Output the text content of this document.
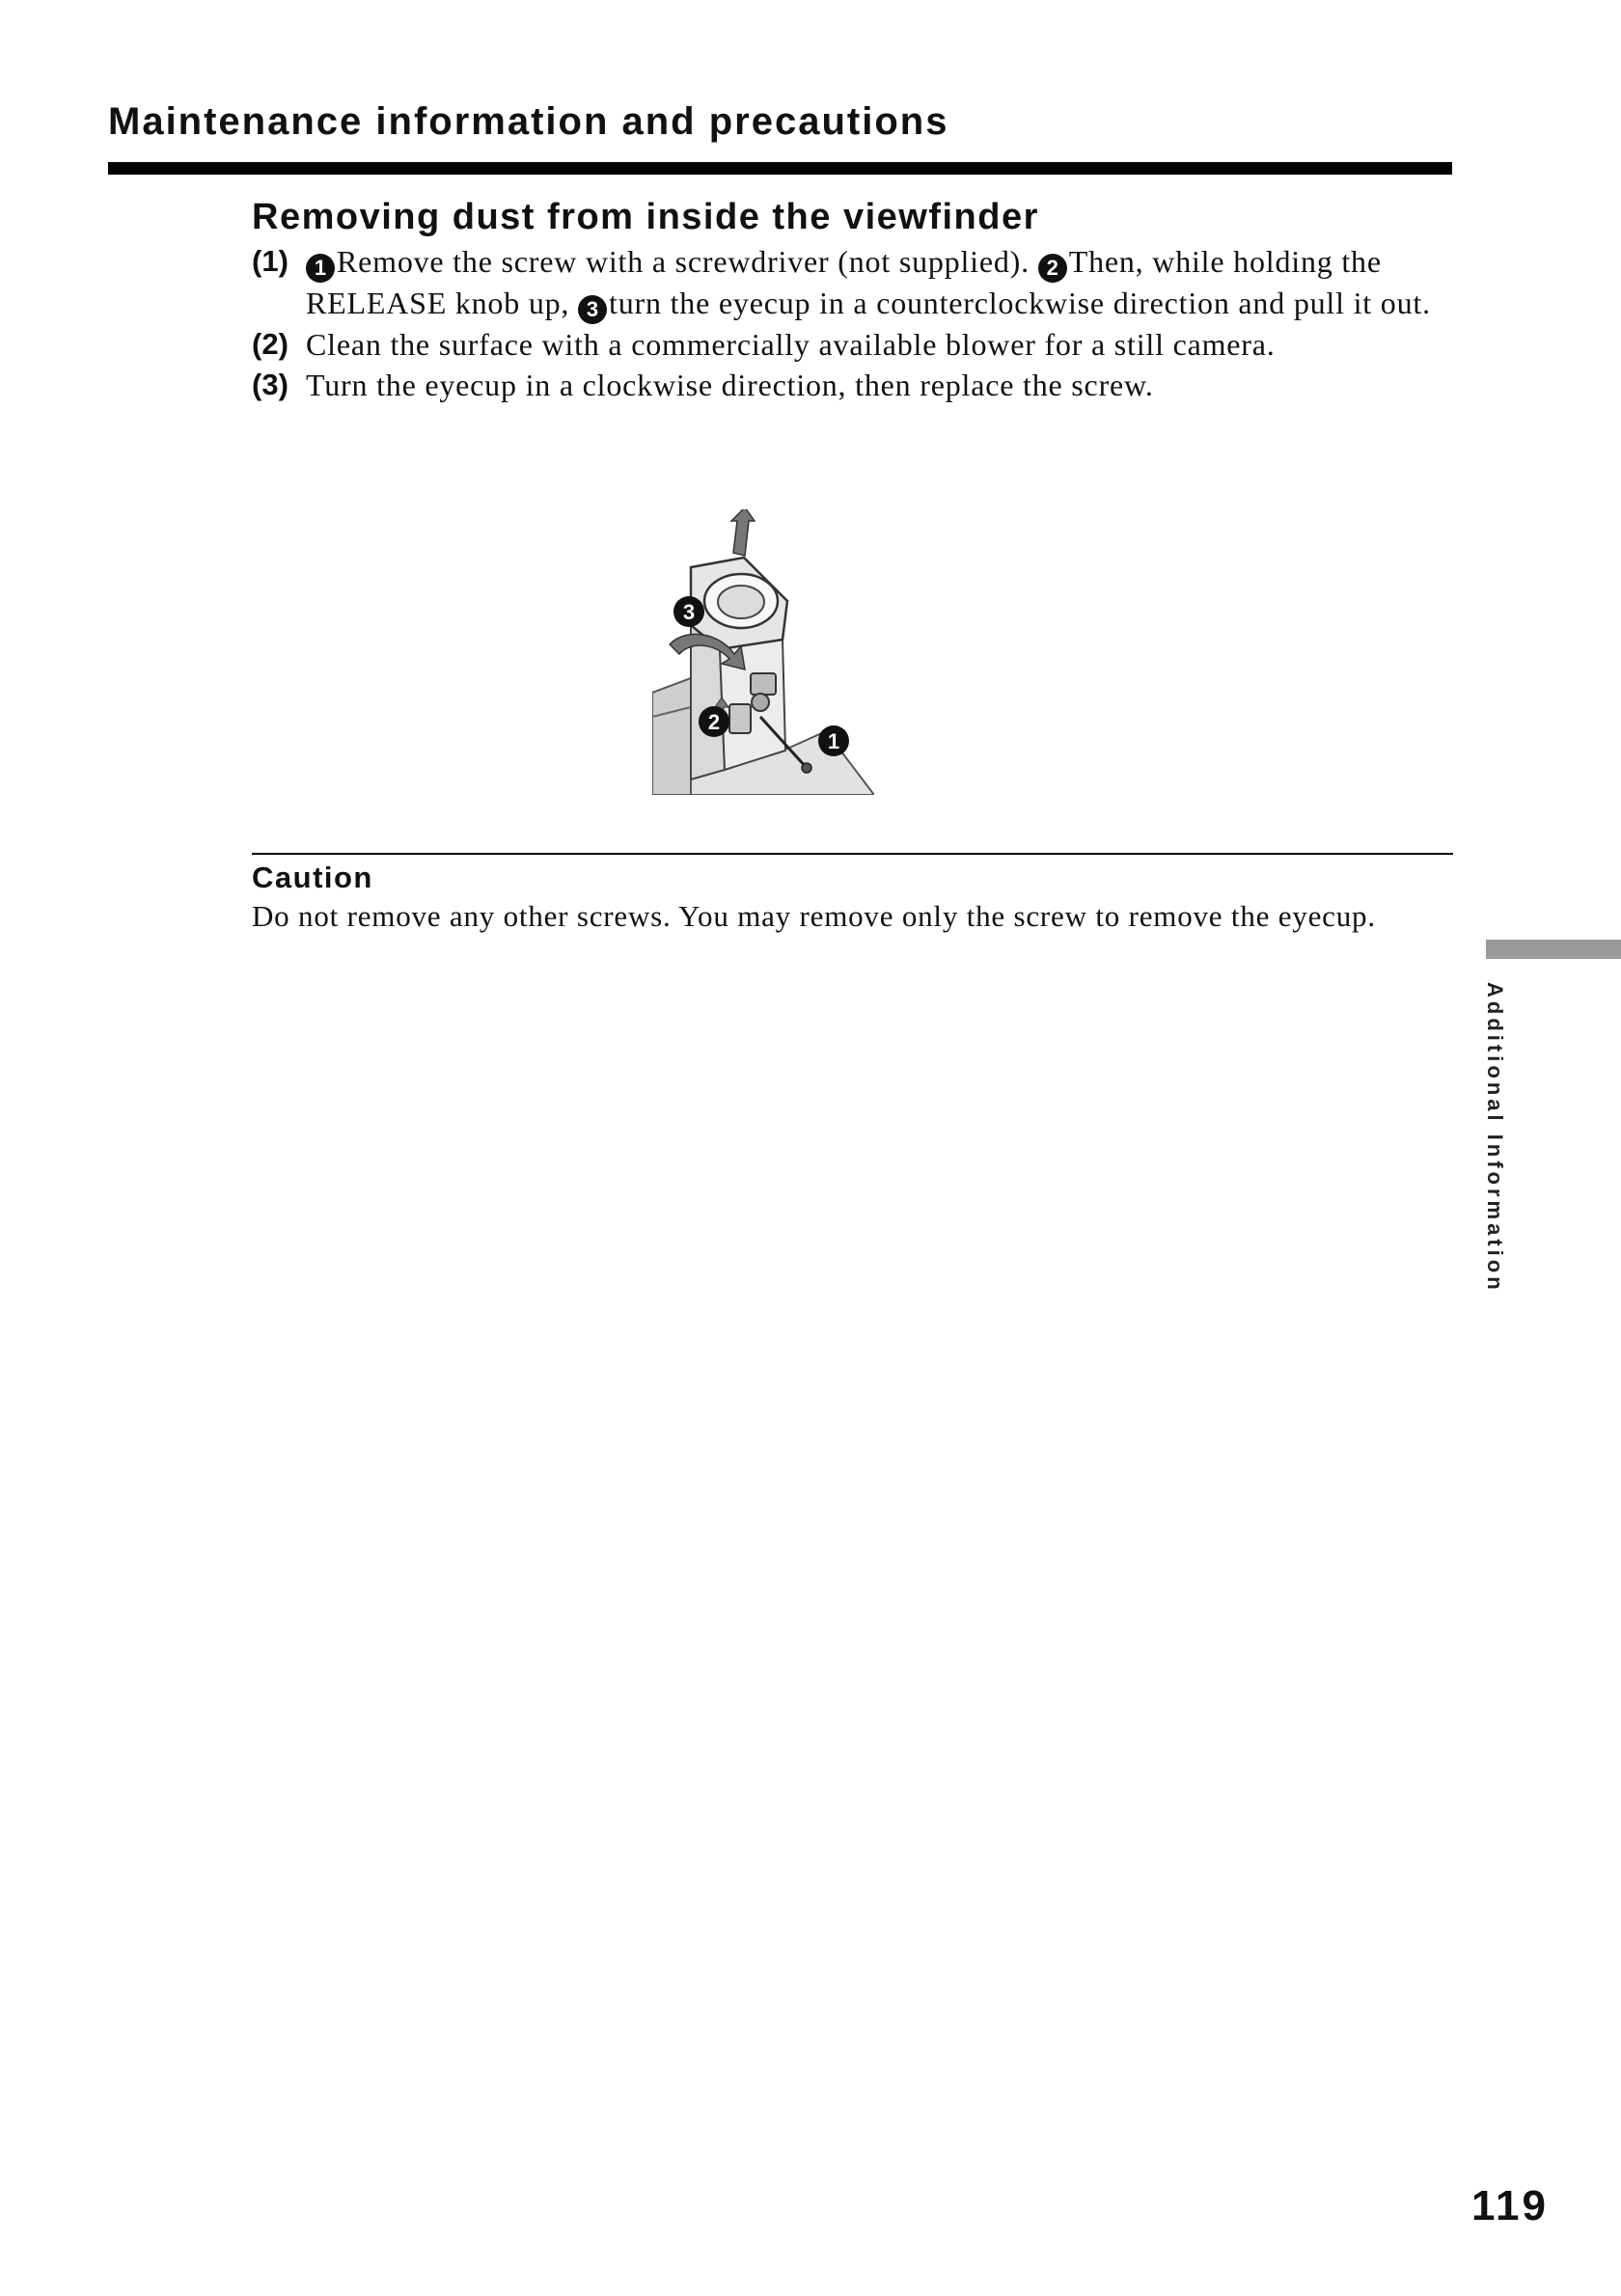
Maintenance information and precautions
Removing dust from inside the viewfinder
(1) 1 Remove the screw with a screwdriver (not supplied). 2 Then, while holding the RELEASE knob up, 3 turn the eyecup in a counterclockwise direction and pull it out.
(2) Clean the surface with a commercially available blower for a still camera.
(3) Turn the eyecup in a clockwise direction, then replace the screw.
3
2
1
Caution

Do not remove any other screws. You may remove only the screw to remove the eyecup.

Additional Information
119
